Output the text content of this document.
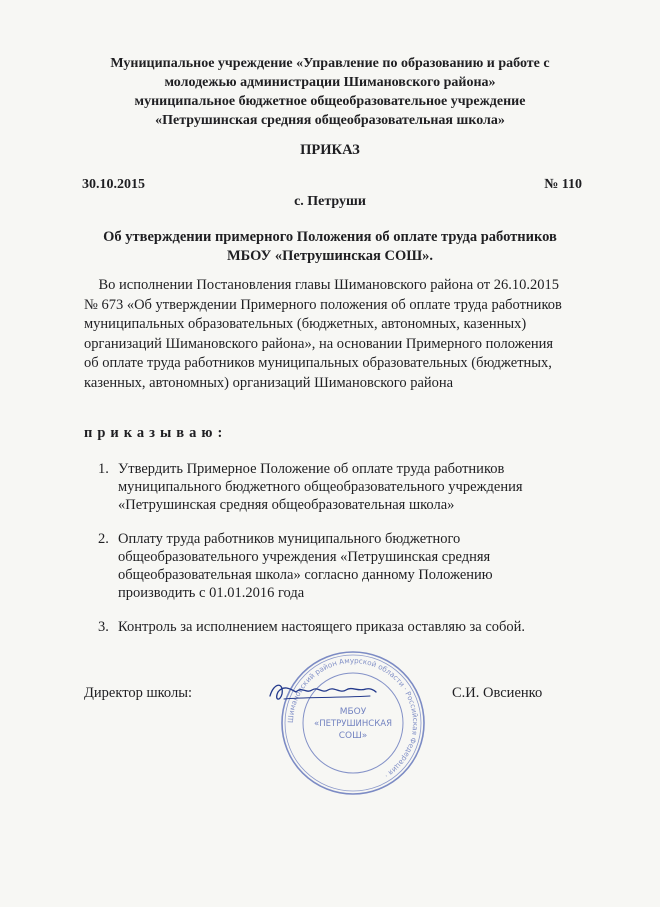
Муниципальное учреждение «Управление по образованию и работе с
молодежью администрации Шимановского района»
муниципальное бюджетное общеобразовательное учреждение
«Петрушинская средняя общеобразовательная школа»
ПРИКАЗ
30.10.2015	№ 110
с. Петруши
Об утверждении примерного Положения об оплате труда работников
МБОУ «Петрушинская СОШ».
Во исполнении Постановления главы Шимановского района от 26.10.2015
№ 673 «Об утверждении Примерного положения об оплате труда работников
муниципальных образовательных (бюджетных, автономных, казенных)
организаций Шимановского района», на основании Примерного положения
об оплате труда работников муниципальных образовательных (бюджетных,
казенных, автономных) организаций Шимановского района
приказываю:
1. Утвердить Примерное Положение об оплате труда работников
муниципального бюджетного общеобразовательного учреждения
«Петрушинская средняя общеобразовательная школа»
2. Оплату труда работников муниципального бюджетного
общеобразовательного учреждения «Петрушинская средняя
общеобразовательная школа» согласно данному Положению
производить с 01.01.2016 года
3. Контроль за исполнением настоящего приказа оставляю за собой.
Директор школы:	С.И. Овсиенко
Шимановский район Амурской области · Российская Федерация ·
МБОУ
«ПЕТРУШИНСКАЯ
СОШ»
